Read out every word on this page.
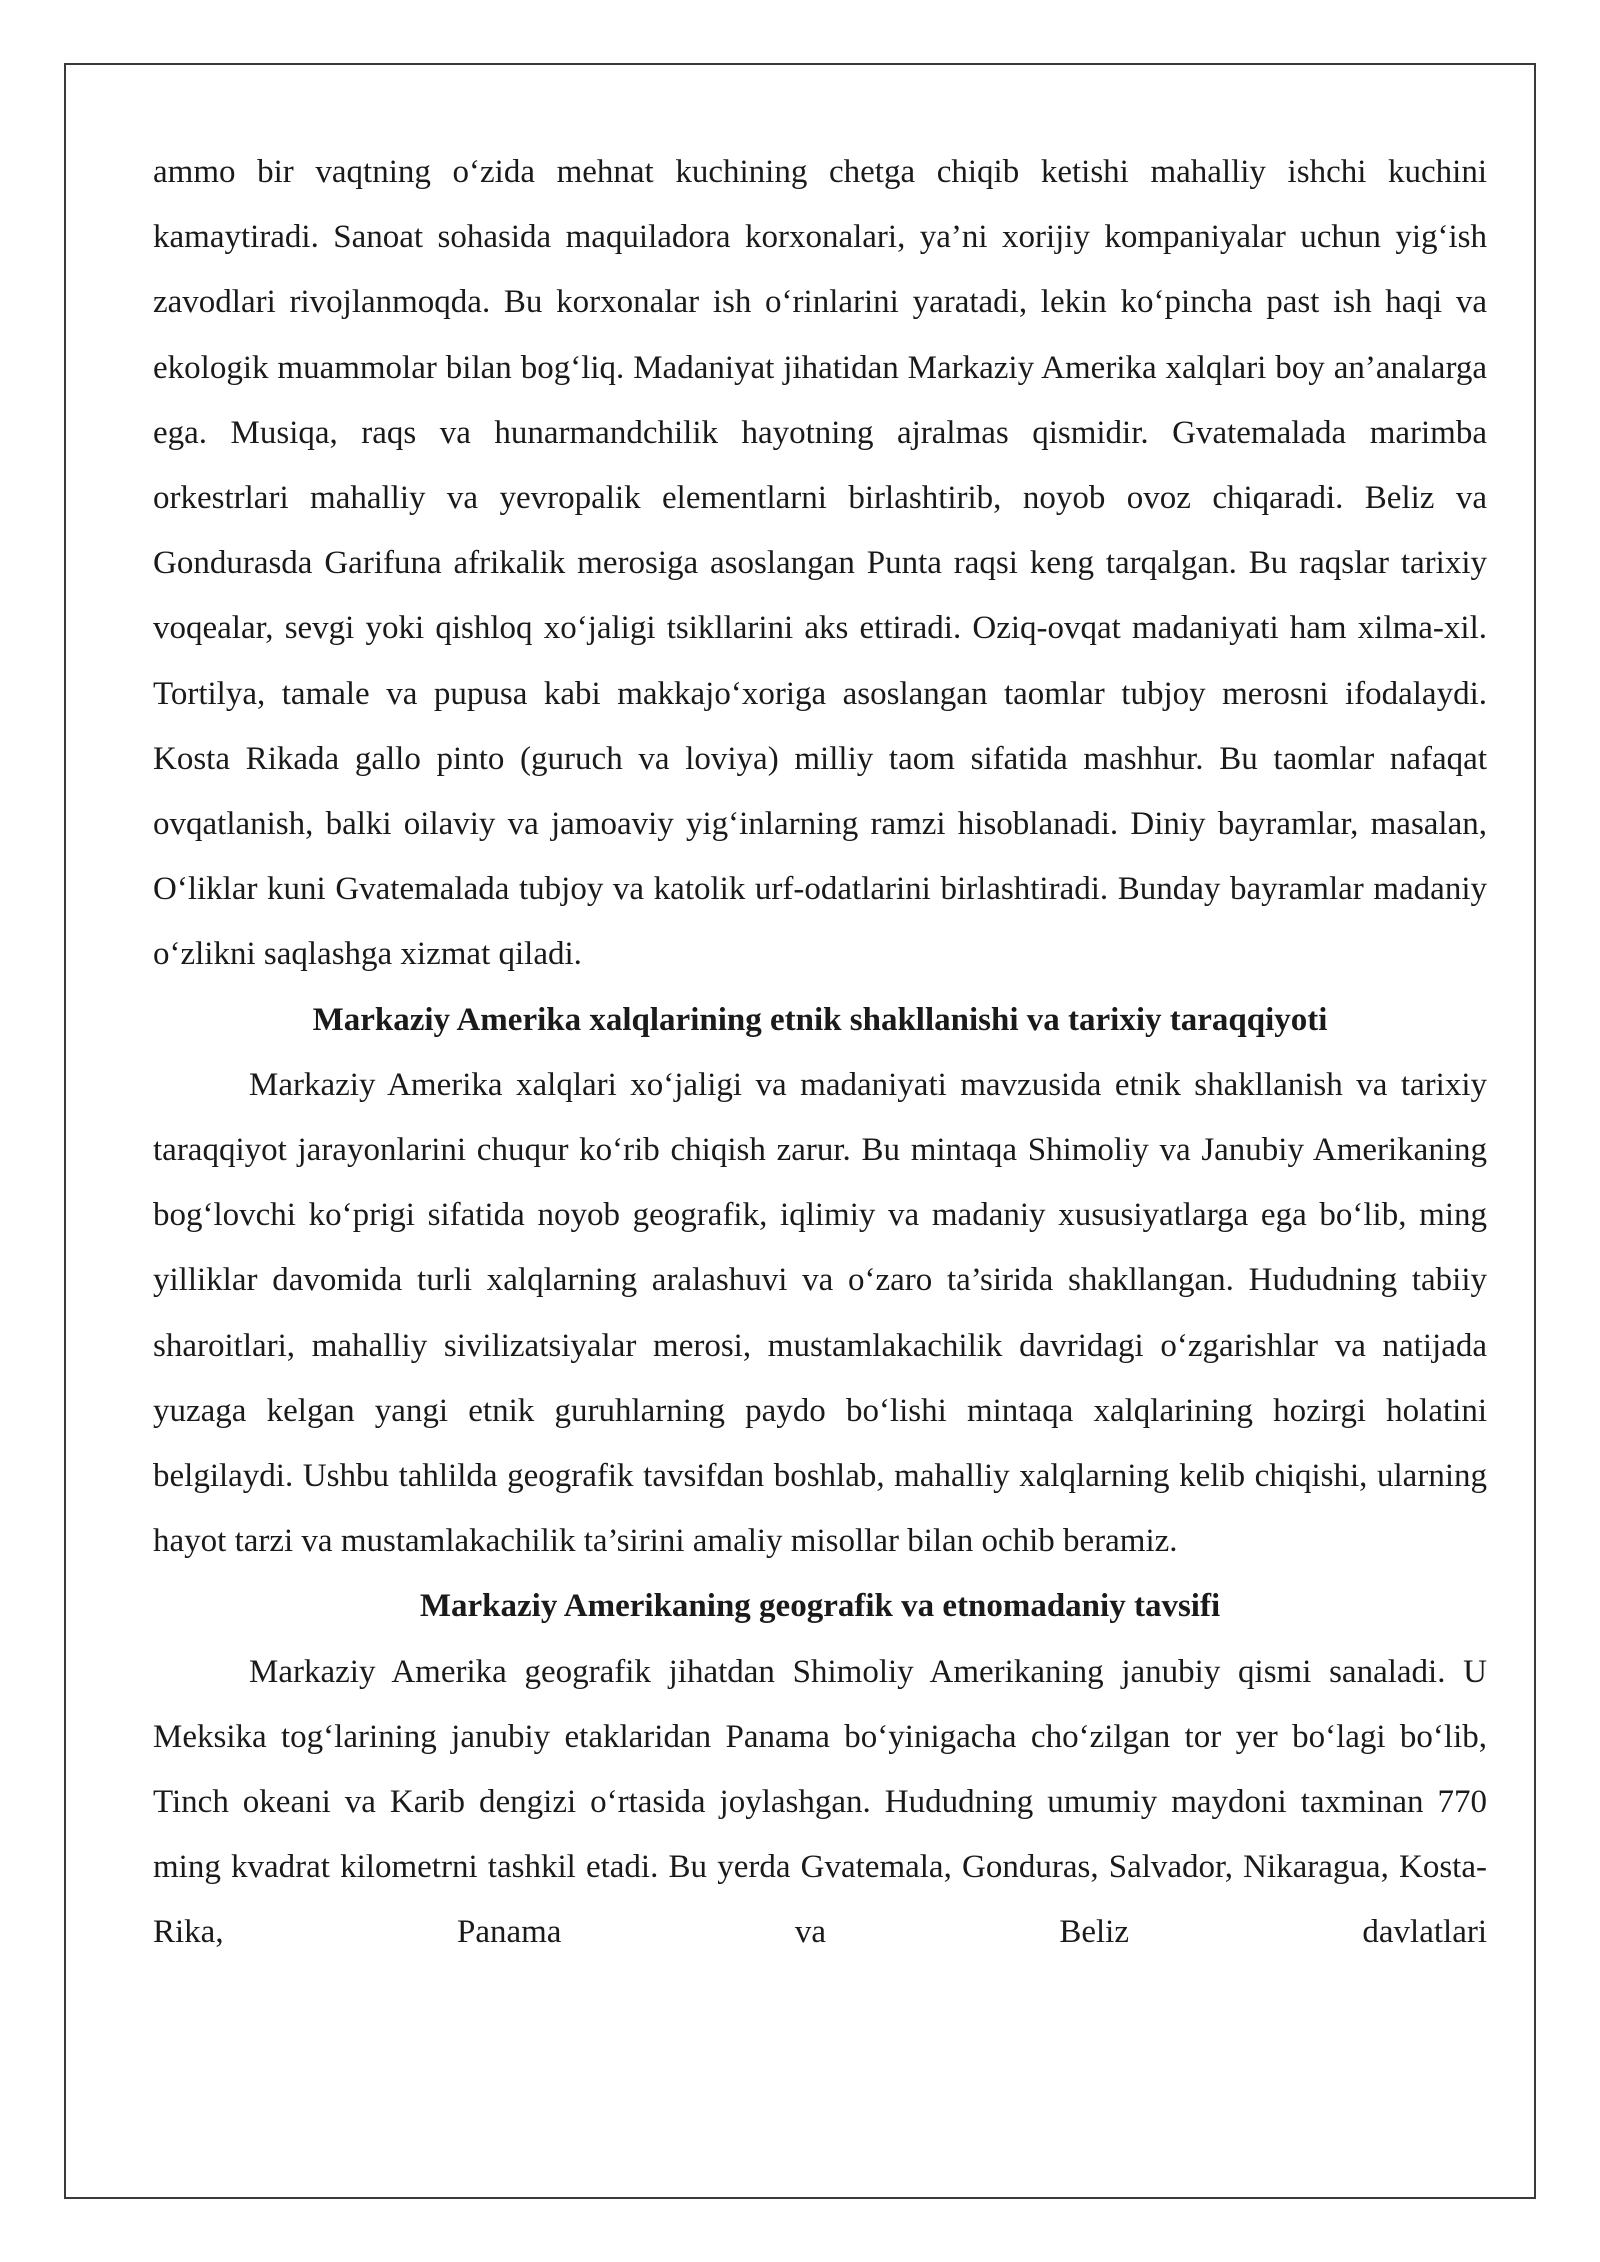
ammo bir vaqtning oʻzida mehnat kuchining chetga chiqib ketishi mahalliy ishchi kuchini kamaytiradi. Sanoat sohasida maquiladora korxonalari, ya’ni xorijiy kompaniyalar uchun yigʻish zavodlari rivojlanmoqda. Bu korxonalar ish oʻrinlarini yaratadi, lekin koʻpincha past ish haqi va ekologik muammolar bilan bogʻliq. Madaniyat jihatidan Markaziy Amerika xalqlari boy an’analarga ega. Musiqa, raqs va hunarmandchilik hayotning ajralmas qismidir. Gvatemalada marimba orkestrlari mahalliy va yevropalik elementlarni birlashtirib, noyob ovoz chiqaradi. Beliz va Gondurasda Garifuna afrikalik merosiga asoslangan Punta raqsi keng tarqalgan. Bu raqslar tarixiy voqealar, sevgi yoki qishloq xoʻjaligi tsikllarini aks ettiradi. Oziq-ovqat madaniyati ham xilma-xil. Tortilya, tamale va pupusa kabi makkajoʻxoriga asoslangan taomlar tubjoy merosni ifodalaydi. Kosta Rikada gallo pinto (guruch va loviya) milliy taom sifatida mashhur. Bu taomlar nafaqat ovqatlanish, balki oilaviy va jamoaviy yigʻinlarning ramzi hisoblanadi. Diniy bayramlar, masalan, Oʻliklar kuni Gvatemalada tubjoy va katolik urf-odatlarini birlashtiradi. Bunday bayramlar madaniy oʻzlikni saqlashga xizmat qiladi.

Markaziy Amerika xalqlarining etnik shakllanishi va tarixiy taraqqiyoti

Markaziy Amerika xalqlari xoʻjaligi va madaniyati mavzusida etnik shakllanish va tarixiy taraqqiyot jarayonlarini chuqur koʻrib chiqish zarur. Bu mintaqa Shimoliy va Janubiy Amerikaning bogʻlovchi koʻprigi sifatida noyob geografik, iqlimiy va madaniy xususiyatlarga ega boʻlib, ming yilliklar davomida turli xalqlarning aralashuvi va oʻzaro ta’sirida shakllangan. Hududning tabiiy sharoitlari, mahalliy sivilizatsiyalar merosi, mustamlakachilik davridagi oʻzgarishlar va natijada yuzaga kelgan yangi etnik guruhlarning paydo boʻlishi mintaqa xalqlarining hozirgi holatini belgilaydi. Ushbu tahlilda geografik tavsifdan boshlab, mahalliy xalqlarning kelib chiqishi, ularning hayot tarzi va mustamlakachilik ta’sirini amaliy misollar bilan ochib beramiz.

Markaziy Amerikaning geografik va etnomadaniy tavsifi

Markaziy Amerika geografik jihatdan Shimoliy Amerikaning janubiy qismi sanaladi. U Meksika togʻlarining janubiy etaklaridan Panama boʻyinigacha choʻzilgan tor yer boʻlagi boʻlib, Tinch okeani va Karib dengizi oʻrtasida joylashgan. Hududning umumiy maydoni taxminan 770 ming kvadrat kilometrni tashkil etadi. Bu yerda Gvatemala, Gonduras, Salvador, Nikaragua, Kosta-Rika, Panama va Beliz davlatlari
